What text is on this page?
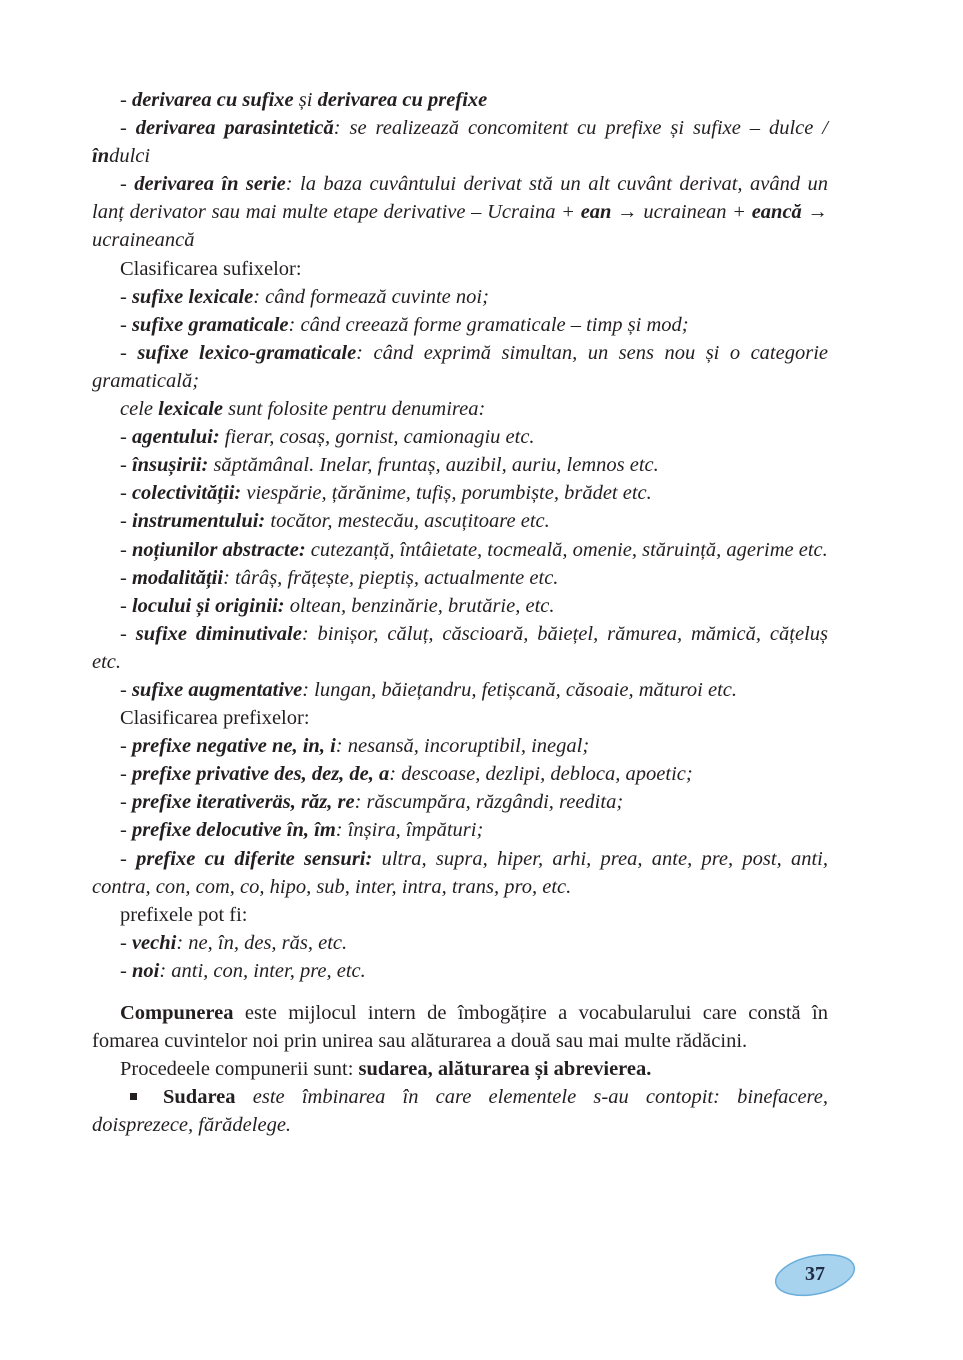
- derivarea cu sufixe și derivarea cu prefixe

- derivarea parasintetică: se realizează concomitent cu prefixe și sufixe – dulce / îndulci

- derivarea în serie: la baza cuvântului derivat stă un alt cuvânt derivat, având un lanț derivator sau mai multe etape derivative – Ucraina + ean → ucrainean + eancă → ucraineancă

Clasificarea sufixelor:

- sufixe lexicale: când formează cuvinte noi;

- sufixe gramaticale: când creează forme gramaticale – timp și mod;

- sufixe lexico-gramaticale: când exprimă simultan, un sens nou și o categorie gramaticală;

cele lexicale sunt folosite pentru denumirea:

- agentului: fierar, cosaș, gornist, camionagiu etc.

- însușirii: săptămânal. Inelar, fruntaș, auzibil, auriu, lemnos etc.

- colectivității: viespărie, țărănime, tufiș, porumbiște, brădet etc.

- instrumentului: tocător, mestecău, ascuțitoare etc.

- noțiunilor abstracte: cutezanță, întâietate, tocmeală, omenie, stăruință, agerime etc.

- modalității: târâș, frățește, pieptiș, actualmente etc.

- locului și originii: oltean, benzinărie, brutărie, etc.

- sufixe diminutivale: binișor, căluț, căscioară, băiețel, rămurea, mămică, cățeluș etc.

- sufixe augmentative: lungan, băiețandru, fetișcană, căsoaie, măturoi etc.

Clasificarea prefixelor:

- prefixe negative ne, in, i: nesansă, incoruptibil, inegal;

- prefixe privative des, dez, de, a: descoase, dezlipi, debloca, apoetic;

- prefixe iterativeräs, răz, re: răscumpăra, răzgândi, reedita;

- prefixe delocutive în, îm: înșira, împături;

- prefixe cu diferite sensuri: ultra, supra, hiper, arhi, prea, ante, pre, post, anti, contra, con, com, co, hipo, sub, inter, intra, trans, pro, etc.

prefixele pot fi:

- vechi: ne, în, des, răs, etc.

- noi: anti, con, inter, pre, etc.

Compunerea este mijlocul intern de îmbogățire a vocabularului care constă în fomarea cuvintelor noi prin unirea sau alăturarea a două sau mai multe rădăcini.

Procedeele compunerii sunt: sudarea, alăturarea și abrevierea.

Sudarea este îmbinarea în care elementele s-au contopit: binefacere, doisprezece, fărădelege.

37
